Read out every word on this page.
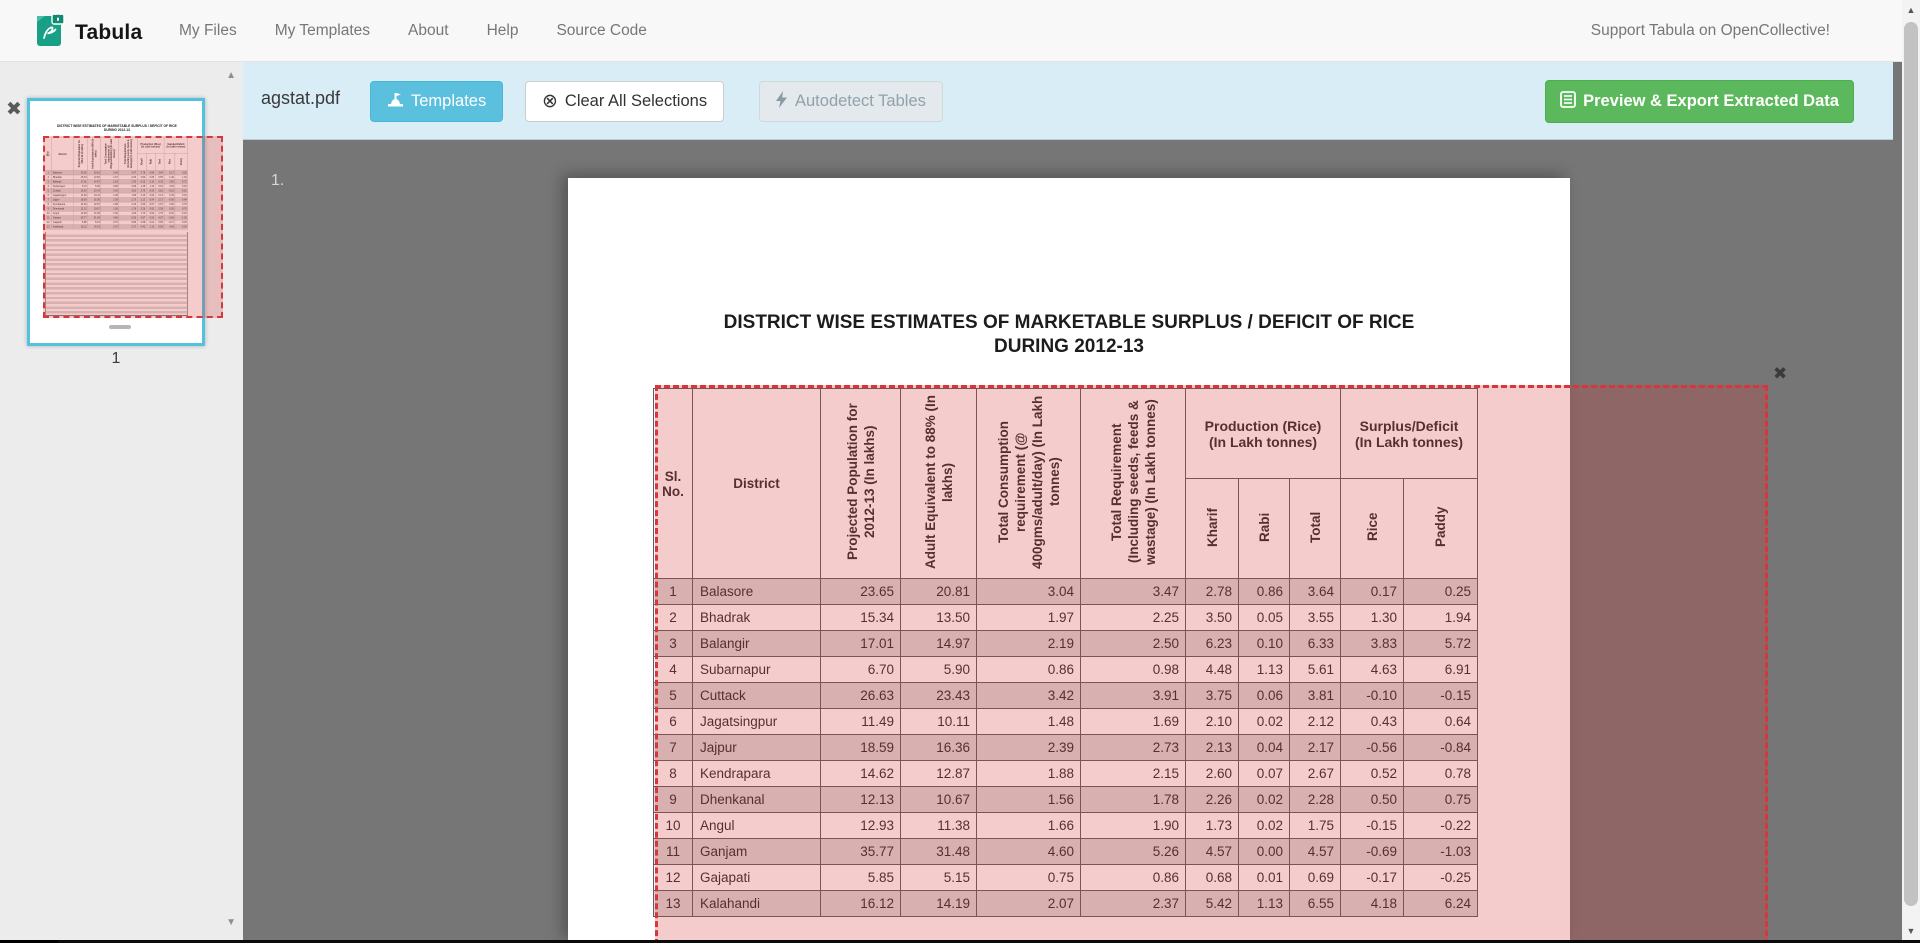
Tabula	My Files	My Templates	About	Help	Source Code	Support Tabula on OpenCollective!
✖
DISTRICT WISE ESTIMATES OF MARKETABLE SURPLUS / DEFICIT OF RICE
DURING 2012-13
Sl. No.	District	Projected Population for 2012-13 (In lakhs)	Adult Equivalent to 88% (In lakhs)	Total Consumption requirement (@ 400gms/adult/day) (In Lakh tonnes)	Total Requirement (Including seeds, feeds & wastage) (In Lakh tonnes)	Production (Rice) (In Lakh tonnes)			Surplus/Deficit (In Lakh tonnes)	
						Kharif	Rabi	Total	Rice	Paddy
1	Balasore	23.65	20.81	3.04	3.47	2.78	0.86	3.64	0.17	0.25
2	Bhadrak	15.34	13.50	1.97	2.25	3.50	0.05	3.55	1.30	1.94
3	Balangir	17.01	14.97	2.19	2.50	6.23	0.10	6.33	3.83	5.72
4	Subarnapur	6.70	5.90	0.86	0.98	4.48	1.13	5.61	4.63	6.91
5	Cuttack	26.63	23.43	3.42	3.91	3.75	0.06	3.81	-0.10	-0.15
6	Jagatsingpur	11.49	10.11	1.48	1.69	2.10	0.02	2.12	0.43	0.64
7	Jajpur	18.59	16.36	2.39	2.73	2.13	0.04	2.17	-0.56	-0.84
8	Kendrapara	14.62	12.87	1.88	2.15	2.60	0.07	2.67	0.52	0.78
9	Dhenkanal	12.13	10.67	1.56	1.78	2.26	0.02	2.28	0.50	0.75
10	Angul	12.93	11.38	1.66	1.90	1.73	0.02	1.75	-0.15	-0.22
11	Ganjam	35.77	31.48	4.60	5.26	4.57	0.00	4.57	-0.69	-1.03
12	Gajapati	5.85	5.15	0.75	0.86	0.68	0.01	0.69	-0.17	-0.25
13	Kalahandi	16.12	14.19	2.07	2.37	5.42	1.13	6.55	4.18	6.24
1
▲
▼
agstat.pdf	Templates	⊗ Clear All Selections	Autodetect Tables	Preview & Export Extracted Data
1.
DISTRICT WISE ESTIMATES OF MARKETABLE SURPLUS / DEFICIT OF RICE
DURING 2012-13
Sl. No.	District	Projected Population for 2012-13 (In lakhs)	Adult Equivalent to 88% (In lakhs)	Total Consumption requirement (@ 400gms/adult/day) (In Lakh tonnes)	Total Requirement (Including seeds, feeds & wastage) (In Lakh tonnes)	Production (Rice) (In Lakh tonnes)			Surplus/Deficit (In Lakh tonnes)	
						Kharif	Rabi	Total	Rice	Paddy
1	Balasore	23.65	20.81	3.04	3.47	2.78	0.86	3.64	0.17	0.25
2	Bhadrak	15.34	13.50	1.97	2.25	3.50	0.05	3.55	1.30	1.94
3	Balangir	17.01	14.97	2.19	2.50	6.23	0.10	6.33	3.83	5.72
4	Subarnapur	6.70	5.90	0.86	0.98	4.48	1.13	5.61	4.63	6.91
5	Cuttack	26.63	23.43	3.42	3.91	3.75	0.06	3.81	-0.10	-0.15
6	Jagatsingpur	11.49	10.11	1.48	1.69	2.10	0.02	2.12	0.43	0.64
7	Jajpur	18.59	16.36	2.39	2.73	2.13	0.04	2.17	-0.56	-0.84
8	Kendrapara	14.62	12.87	1.88	2.15	2.60	0.07	2.67	0.52	0.78
9	Dhenkanal	12.13	10.67	1.56	1.78	2.26	0.02	2.28	0.50	0.75
10	Angul	12.93	11.38	1.66	1.90	1.73	0.02	1.75	-0.15	-0.22
11	Ganjam	35.77	31.48	4.60	5.26	4.57	0.00	4.57	-0.69	-1.03
12	Gajapati	5.85	5.15	0.75	0.86	0.68	0.01	0.69	-0.17	-0.25
13	Kalahandi	16.12	14.19	2.07	2.37	5.42	1.13	6.55	4.18	6.24
✖
▲
▼
